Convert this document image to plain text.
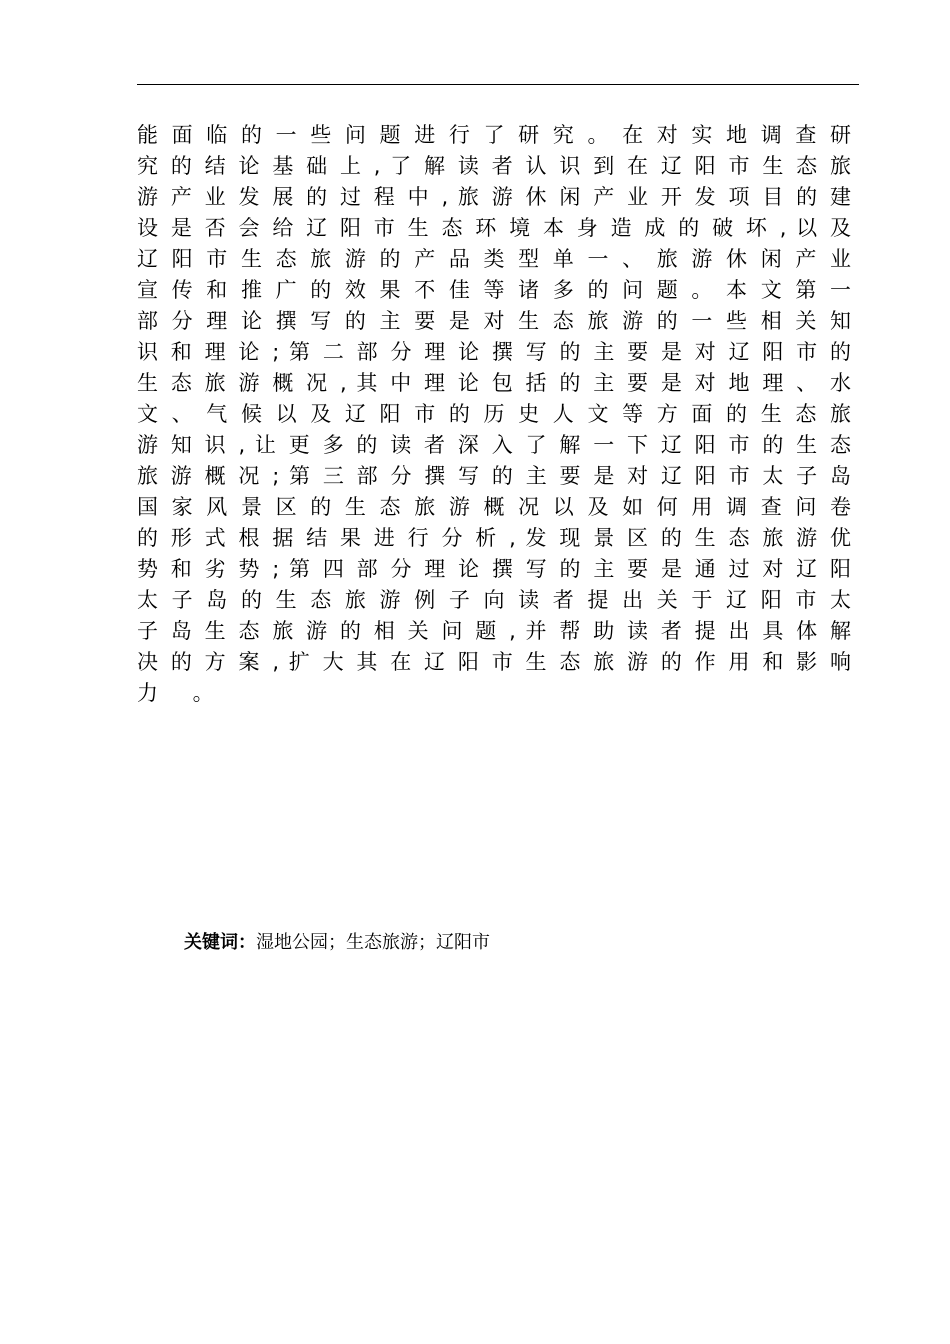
能 面 临 的 一 些 问 题 进 行 了 研 究 。 在 对 实 地 调 查 研
究 的 结 论 基 础 上 , 了 解 读 者 认 识 到 在 辽 阳 市 生 态 旅
游 产 业 发 展 的 过 程 中 , 旅 游 休 闲 产 业 开 发 项 目 的 建
设 是 否 会 给 辽 阳 市 生 态 环 境 本 身 造 成 的 破 坏 , 以 及
辽 阳 市 生 态 旅 游 的 产 品 类 型 单 一 、 旅 游 休 闲 产 业
宣 传 和 推 广 的 效 果 不 佳 等 诸 多 的 问 题 。 本 文 第 一
部 分 理 论 撰 写 的 主 要 是 对 生 态 旅 游 的 一 些 相 关 知
识 和 理 论 ; 第 二 部 分 理 论 撰 写 的 主 要 是 对 辽 阳 市 的
生 态 旅 游 概 况 , 其 中 理 论 包 括 的 主 要 是 对 地 理 、 水
文 、 气 候 以 及 辽 阳 市 的 历 史 人 文 等 方 面 的 生 态 旅
游 知 识 , 让 更 多 的 读 者 深 入 了 解 一 下 辽 阳 市 的 生 态
旅 游 概 况 ; 第 三 部 分 撰 写 的 主 要 是 对 辽 阳 市 太 子 岛
国 家 风 景 区 的 生 态 旅 游 概 况 以 及 如 何 用 调 查 问 卷
的 形 式 根 据 结 果 进 行 分 析 , 发 现 景 区 的 生 态 旅 游 优
势 和 劣 势 ; 第 四 部 分 理 论 撰 写 的 主 要 是 通 过 对 辽 阳
太 子 岛 的 生 态 旅 游 例 子 向 读 者 提 出 关 于 辽 阳 市 太
子 岛 生 态 旅 游 的 相 关 问 题 , 并 帮 助 读 者 提 出 具 体 解
决 的 方 案 , 扩 大 其 在 辽 阳 市 生 态 旅 游 的 作 用 和 影 响
力 。
关键词：湿地公园；生态旅游；辽阳市
